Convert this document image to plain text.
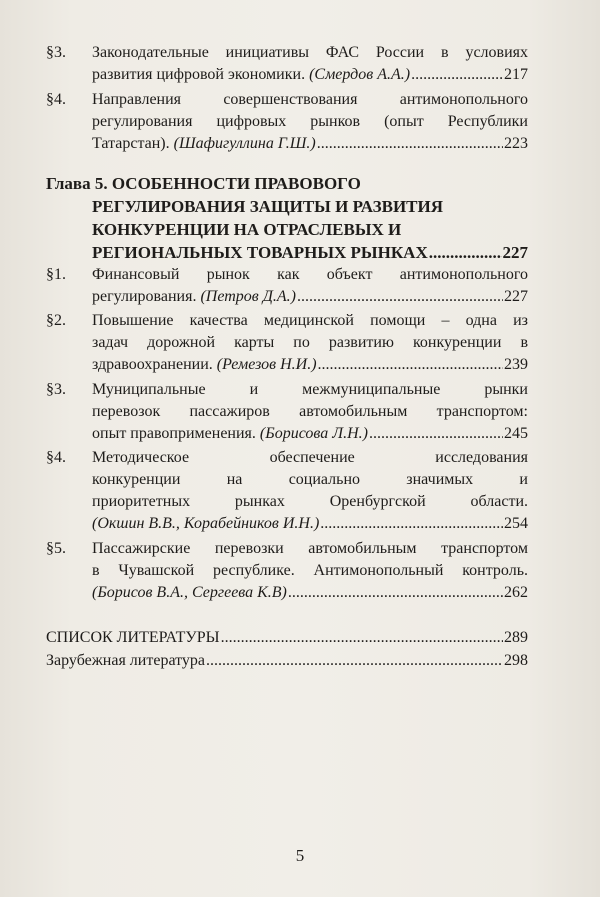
§3. Законодательные инициативы ФАС России в условиях
развития цифровой экономики.
(Смердов А.А.) .....	217
§4. Направления совершенствования антимонопольного
регулирования цифровых рынков (опыт Республики
Татарстан).
(Шафигуллина Г.Ш.) .....	223
Глава 5. ОСОБЕННОСТИ ПРАВОВОГО
РЕГУЛИРОВАНИЯ ЗАЩИТЫ И РАЗВИТИЯ
КОНКУРЕНЦИИ НА ОТРАСЛЕВЫХ И
РЕГИОНАЛЬНЫХ ТОВАРНЫХ РЫНКАХ .....	227
§1. Финансовый рынок как объект антимонопольного
регулирования.
(Петров Д.А.) .....	227
§2. Повышение качества медицинской помощи – одна из
задач дорожной карты по развитию конкуренции в
здравоохранении.
(Ремезов Н.И.) .....	239
§3. Муниципальные и межмуниципальные рынки
перевозок пассажиров автомобильным транспортом:
опыт правоприменения.
(Борисова Л.Н.) .....	245
§4. Методическое обеспечение исследования
конкуренции на социально значимых и
приоритетных рынках Оренбургской области.
(Окшин В.В., Корабейников И.Н.) .....	254
§5. Пассажирские перевозки автомобильным транспортом
в Чувашской республике. Антимонопольный контроль.
(Борисов В.А., Сергеева К.В) .....	262
СПИСОК ЛИТЕРАТУРЫ .....	289
Зарубежная литература .....	298
5
